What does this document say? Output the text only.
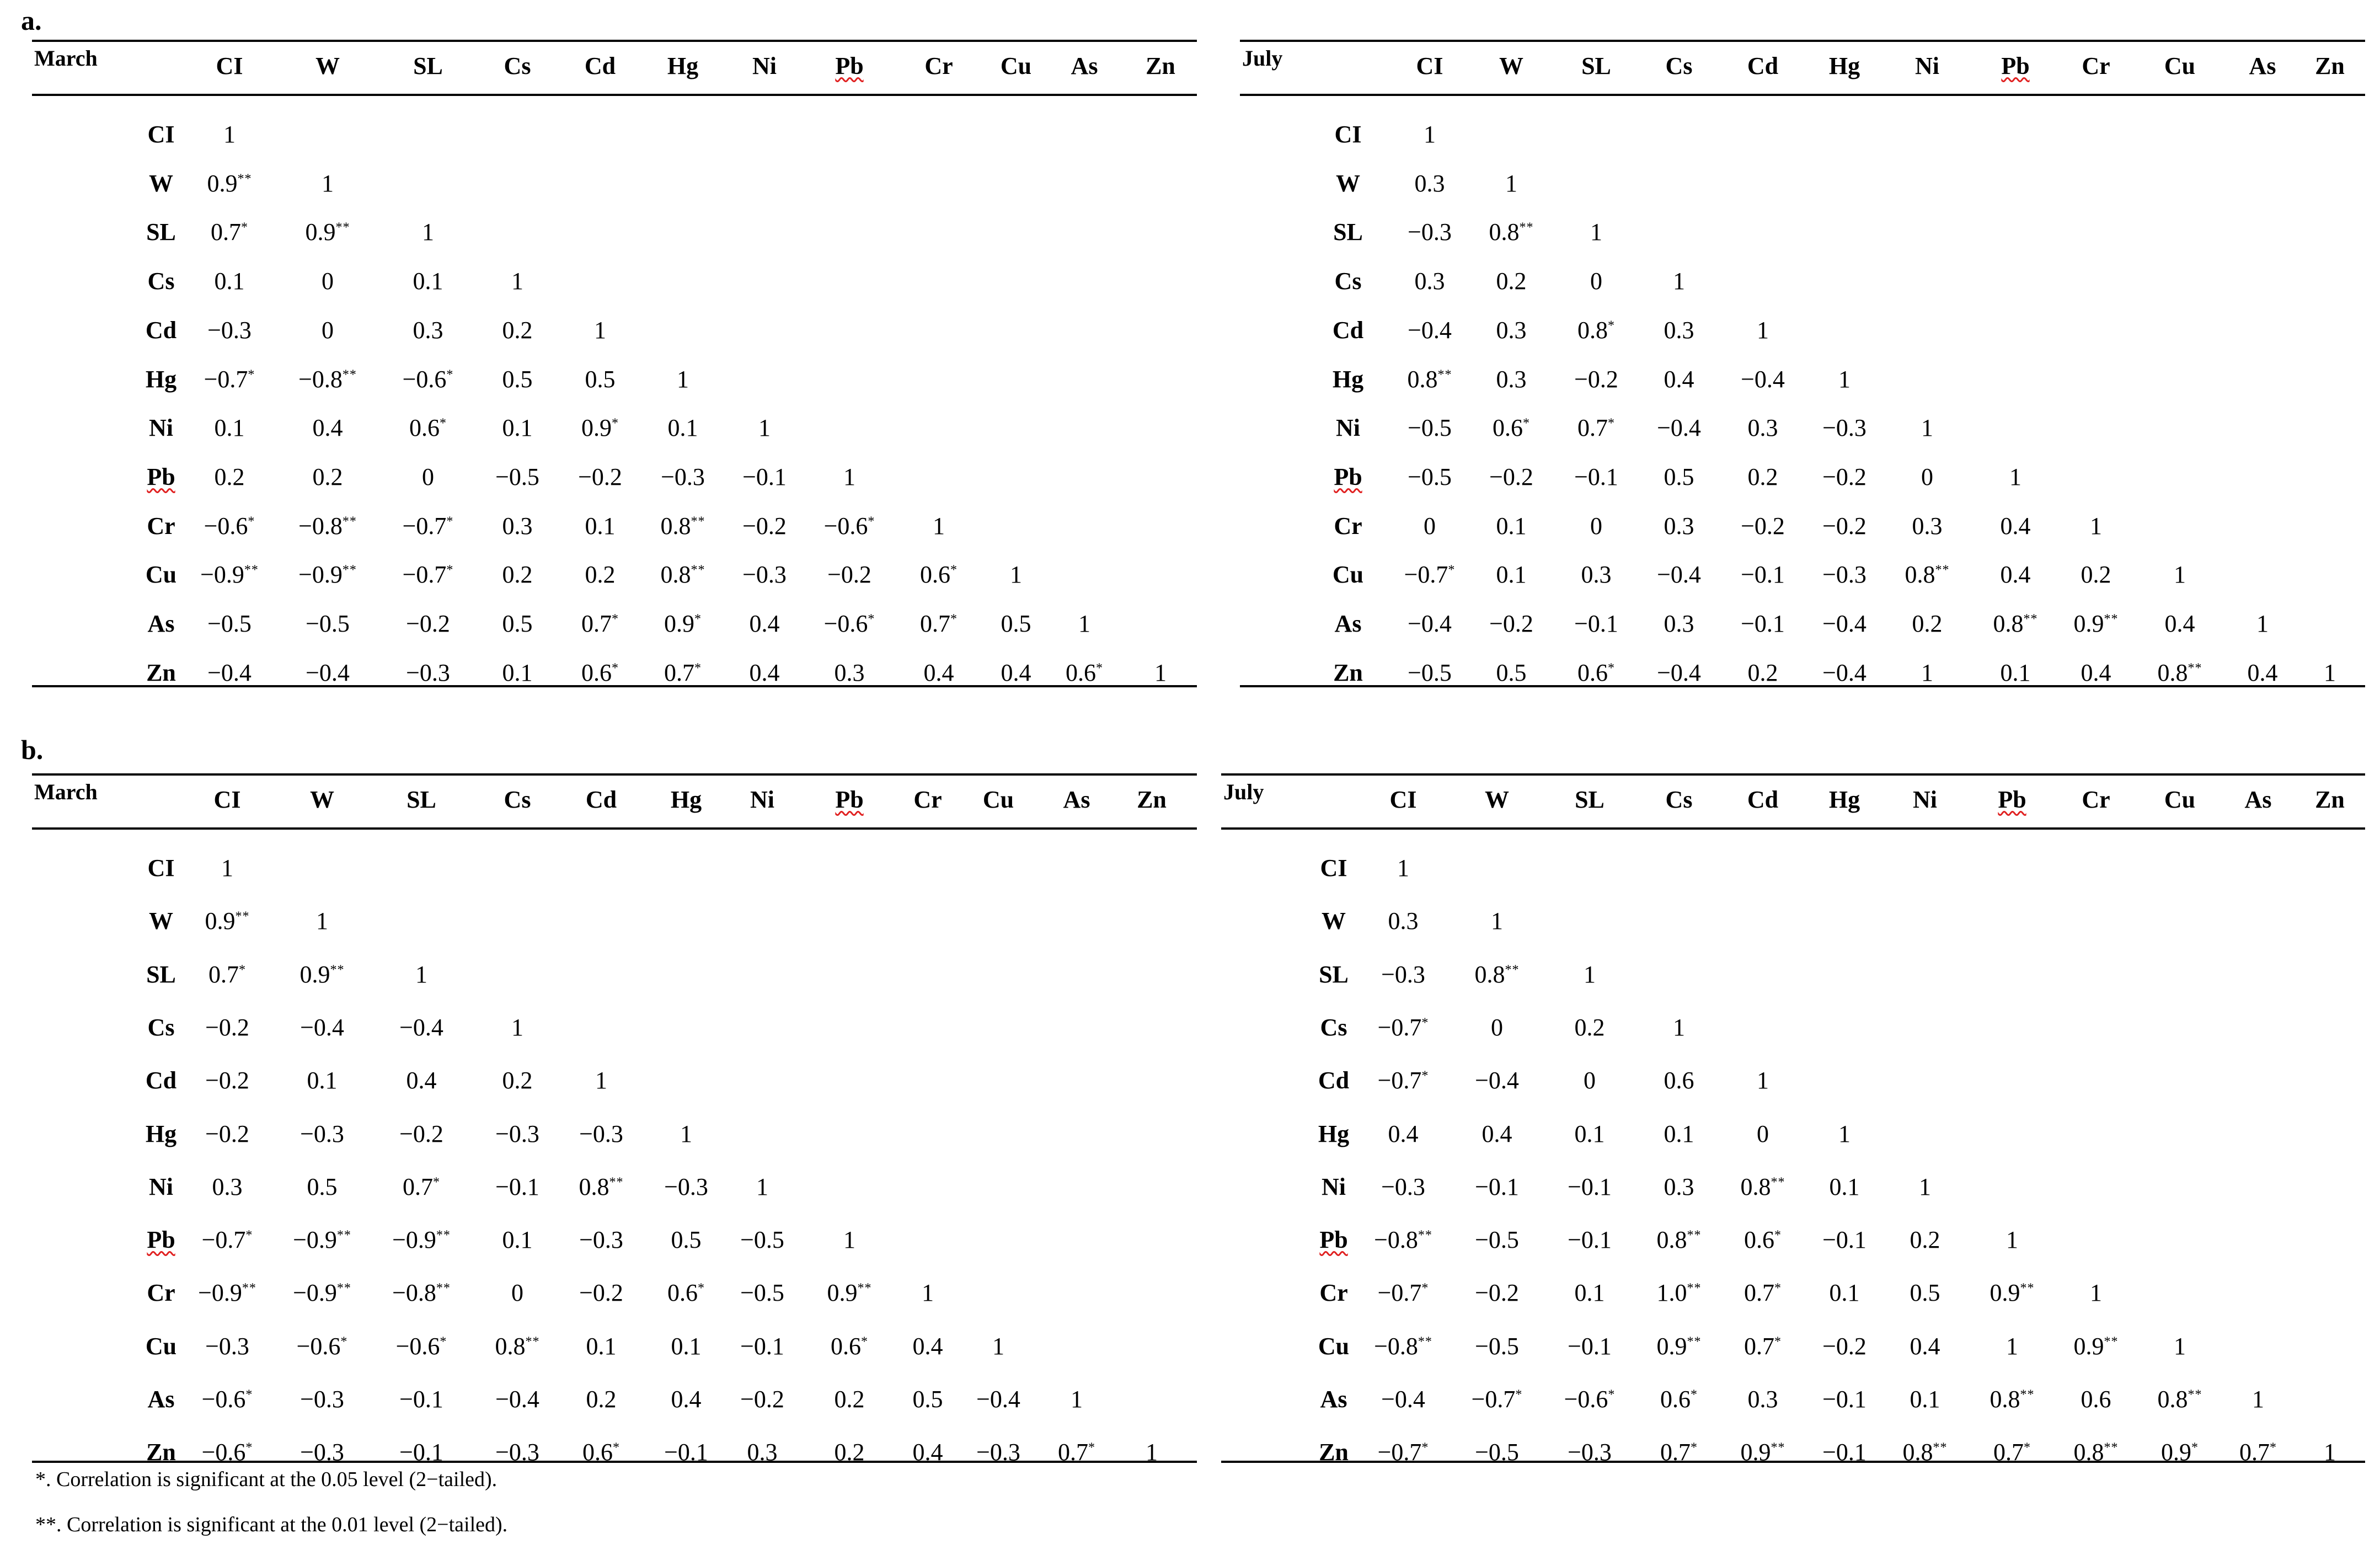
a.
March	CI	W	SL	Cs Cd Hg Ni Pb	Cr Cu As Zn
CI 1
W 0.9**	1
SL 0.7* 0.9**	1
Cs 0.1	0	0.1	1
Cd −0.3	0	0.3 0.2	1
Hg −0.7* −0.8** −0.6* 0.5 0.5	1
Ni 0.1	0.4	0.6* 0.1 0.9* 0.1 1
Pb 0.2	0.2	0	−0.5 −0.2 −0.3 −0.1 1
Cr −0.6* −0.8** −0.7* 0.3 0.1 0.8** −0.2 −0.6* 1
Cu −0.9** −0.9** −0.7* 0.2 0.2 0.8** −0.3 −0.2 0.6* 1
As −0.5 −0.5 −0.2 0.5 0.7* 0.9* 0.4 −0.6* 0.7* 0.5 1
Zn −0.4 −0.4 −0.3 0.1 0.6* 0.7* 0.4 0.3 0.4 0.4 0.6* 1
July	CI W SL Cs Cd Hg Ni	Pb Cr Cu As Zn
CI	1
W 0.3 1
SL −0.3 0.8** 1
Cs 0.3 0.2	0	1
Cd −0.4 0.3 0.8* 0.3	1
Hg 0.8** 0.3 −0.2 0.4 −0.4 1
Ni −0.5 0.6* 0.7* −0.4 0.3 −0.3 1
Pb −0.5 −0.2 −0.1 0.5 0.2 −0.2 0	1
Cr	0 0.1	0	0.3 −0.2 −0.2 0.3 0.4 1
Cu −0.7* 0.1 0.3 −0.4 −0.1 −0.3 0.8** 0.4 0.2	1
As −0.4 −0.2 −0.1 0.3 −0.1 −0.4 0.2 0.8** 0.9** 0.4	1
Zn −0.5 0.5 0.6* −0.4 0.2 −0.4 1	0.1 0.4 0.8** 0.4 1
b.
March	CI	W	SL	Cs Cd Hg Ni	Pb Cr Cu As Zn
CI 1
W 0.9**	1
SL 0.7* 0.9**	1
Cs −0.2 −0.4 −0.4	1
Cd −0.2 0.1	0.4	0.2	1
Hg −0.2 −0.3 −0.2 −0.3 −0.3 1
Ni 0.3	0.5	0.7* −0.1 0.8** −0.3 1
Pb −0.7* −0.9** −0.9** 0.1 −0.3 0.5 −0.5 1
Cr −0.9** −0.9** −0.8**	0 −0.2 0.6* −0.5 0.9** 1
Cu −0.3 −0.6* −0.6* 0.8** 0.1 0.1 −0.1 0.6* 0.4 1
As −0.6* −0.3 −0.1 −0.4 0.2 0.4 −0.2 0.2 0.5 −0.4 1
Zn −0.6* −0.3 −0.1 −0.3 0.6* −0.1 0.3 0.2 0.4 −0.3 0.7* 1
July	CI	W	SL	Cs Cd Hg Ni	Pb Cr Cu As Zn
CI 1
W 0.3	1
SL −0.3 0.8**	1
Cs −0.7*	0	0.2	1
Cd −0.7* −0.4	0	0.6	1
Hg 0.4	0.4	0.1 0.1	0	1
Ni −0.3 −0.1 −0.1 0.3 0.8** 0.1 1
Pb −0.8** −0.5 −0.1 0.8** 0.6* −0.1 0.2	1
Cr −0.7* −0.2 0.1 1.0** 0.7* 0.1 0.5 0.9** 1
Cu −0.8** −0.5 −0.1 0.9** 0.7* −0.2 0.4	1 0.9** 1
As −0.4 −0.7* −0.6* 0.6* 0.3 −0.1 0.1 0.8** 0.6 0.8** 1
Zn −0.7* −0.5 −0.3 0.7* 0.9** −0.1 0.8** 0.7* 0.8** 0.9* 0.7* 1
*. Correlation is significant at the 0.05 level (2−tailed).
**. Correlation is significant at the 0.01 level (2−tailed).
